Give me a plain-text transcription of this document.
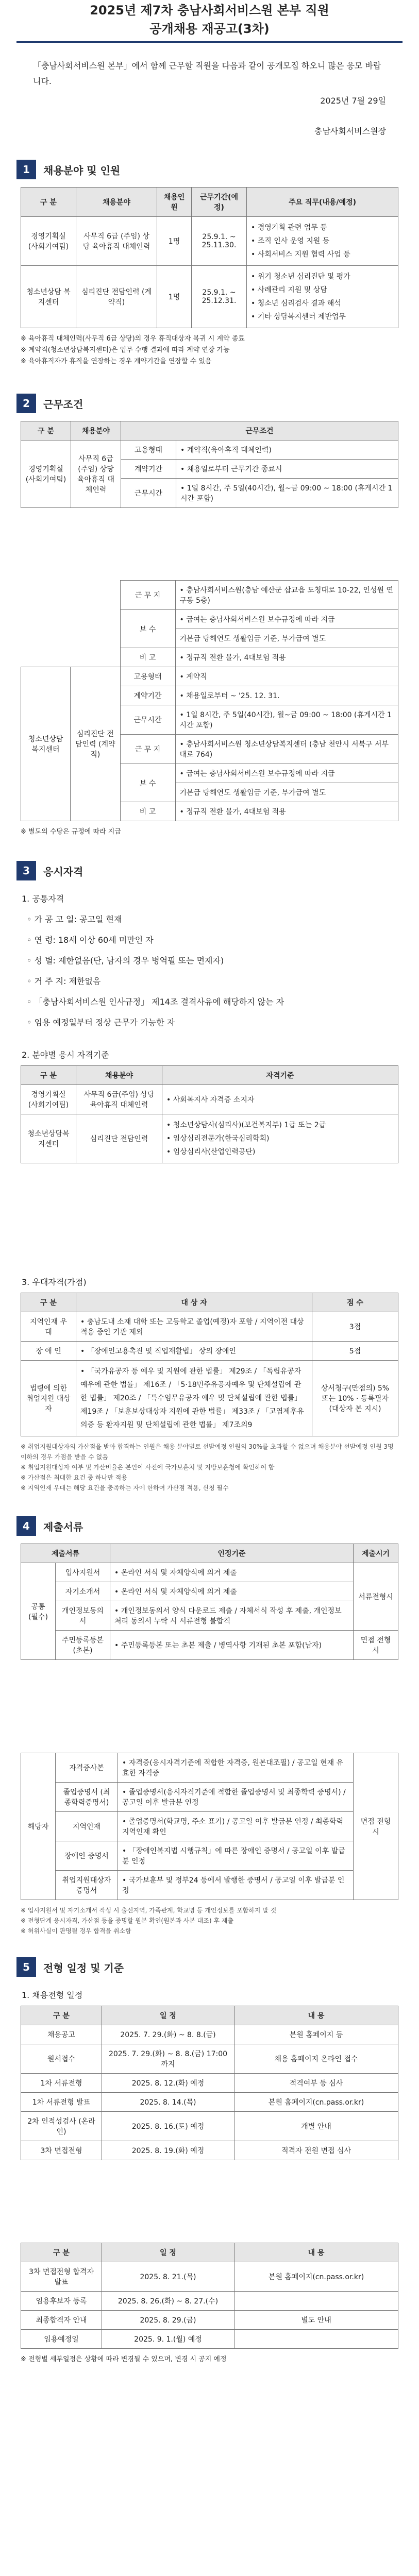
2025년 제7차 충남사회서비스원 본부 직원
공개채용 재공고(3차)
「충남사회서비스원 본부」에서 함께 근무할 직원을 다음과 같이 공개모집 하오니 많은 응모 바랍니다.
2025년 7월 29일
충남사회서비스원장
1	채용분야 및 인원
구 분	채용분야	채용인원	근무기간(예정)	주요 직무(내용/예정)
경영기획실 (사회기여팀)	사무직 6급 (주임) 상당 육아휴직 대체인력	1명	25.9.1. ~ 25.11.30.	• 경영기획 관련 업무 등
• 조직 인사 운영 지원 등
• 사회서비스 지원 협력 사업 등

청소년상담 복지센터	심리진단 전담인력 (계약직)	1명	25.9.1. ~ 25.12.31.	• 위기 청소년 심리진단 및 평가
• 사례관리 지원 및 상담
• 청소년 심리검사 결과 해석
• 기타 상담복지센터 제반업무
※ 육아휴직 대체인력(사무직 6급 상당)의 경우 휴직대상자 복귀 시 계약 종료
※ 계약직(청소년상담복지센터)은 업무 수행 결과에 따라 계약 연장 가능
※ 육아휴직자가 휴직을 연장하는 경우 계약기간을 연장할 수 있음
2	근무조건
구 분	채용분야	근무조건	
경영기획실 (사회기여팀)	사무직 6급(주임) 상당 육아휴직 대체인력	고용형태	• 계약직(육아휴직 대체인력)
		계약기간	• 채용일로부터 근무기간 종료시
		근무시간	• 1일 8시간, 주 5일(40시간), 월~금 09:00 ~ 18:00 (휴게시간 1시간 포함)
		근 무 지	• 충남사회서비스원(충남 예산군 삽교읍 도청대로 10-22, 인성원 연구동 5층)
		보 수	• 급여는 충남사회서비스원 보수규정에 따라 지급
			기본급 당해연도 생활임금 기준, 부가급여 별도
		비 고	• 정규직 전환 불가, 4대보험 적용
청소년상담복지센터	심리진단 전담인력 (계약직)	고용형태	• 계약직
		계약기간	• 채용일로부터 ~ '25. 12. 31.
		근무시간	• 1일 8시간, 주 5일(40시간), 월~금 09:00 ~ 18:00 (휴게시간 1시간 포함)
		근 무 지	• 충남사회서비스원 청소년상담복지센터 (충남 천안시 서북구 서부대로 764)
		보 수	• 급여는 충남사회서비스원 보수규정에 따라 지급
			기본급 당해연도 생활임금 기준, 부가급여 별도
		비 고	• 정규직 전환 불가, 4대보험 적용
※ 별도의 수당은 규정에 따라 지급
3	응시자격
1. 공통자격
◦ 가 공 고 일: 공고일 현재
◦ 연 령: 18세 이상 60세 미만인 자
◦ 성 별: 제한없음(단, 남자의 경우 병역필 또는 면제자)
◦ 거 주 지: 제한없음
◦ 「충남사회서비스원 인사규정」 제14조 결격사유에 해당하지 않는 자
◦ 임용 예정일부터 정상 근무가 가능한 자
2. 분야별 응시 자격기준
구 분	채용분야	자격기준
경영기획실 (사회기여팀)	사무직 6급(주임) 상당 육아휴직 대체인력	• 사회복지사 자격증 소지자
청소년상담복지센터	심리진단 전담인력	• 청소년상담사(심리사)(보건복지부) 1급 또는 2급
• 임상심리전문가(한국심리학회)
• 임상심리사(산업인력공단)
3. 우대자격(가점)
구 분	대 상 자	점 수
지역인재 우 대	• 충남도내 소재 대학 또는 고등학교 졸업(예정)자 포함 / 지역이전 대상 적용 중인 기관 제외	3점
장 애 인	• 「장애인고용촉진 및 직업재활법」 상의 장애인	5점
법령에 의한 취업지원 대상자	• 「국가유공자 등 예우 및 지원에 관한 법률」 제29조 / 「독립유공자예우에 관한 법률」 제16조 / 「5·18민주유공자예우 및 단체설립에 관한 법률」 제20조 / 「특수임무유공자 예우 및 단체설립에 관한 법률」 제19조 / 「보훈보상대상자 지원에 관한 법률」 제33조 / 「고엽제후유의증 등 환자지원 및 단체설립에 관한 법률」 제7조의9	상서청구(만점의) 5% 또는 10% · 등록필자 (대상자 본 지시)
※ 취업지원대상자의 가산점을 받아 합격하는 인원은 채용 분야별로 선발예정 인원의 30%를 초과할 수 없으며 채용분야 선발예정 인원 3명 이하의 경우 가점을 받을 수 없음
※ 취업지원대상자 여부 및 가산비율은 본인이 사전에 국가보훈처 및 지방보훈청에 확인하여 함
※ 가산점은 최대한 요건 중 하나만 적용
※ 지역인재 우대는 해당 요건을 충족하는 자에 한하여 가산점 적용, 신청 필수
4	제출서류
제출서류		인정기준	제출시기
공통 (필수)	입사지원서	• 온라인 서식 및 자체양식에 의거 제출	서류전형시
	자기소개서	• 온라인 서식 및 자체양식에 의거 제출	
	개인정보동의서	• 개인정보동의서 양식 다운로드 제출 / 자체서식 작성 후 제출, 개인정보 처리 동의서 누락 시 서류전형 불합격	
	주민등록등본 (초본)	• 주민등록등본 또는 초본 제출 / 병역사항 기재된 초본 포함(남자)	면접 전형시
해당자	자격증사본	• 자격증(응시자격기준에 적합한 자격증, 원본대조필) / 공고일 현재 유효한 자격증	면접 전형시
	졸업증명서 (최종학력증명서)	• 졸업증명서(응시자격기준에 적합한 졸업증명서 및 최종학력 증명서) / 공고일 이후 발급분 인정	
	지역인재	• 졸업증명서(학교명, 주소 표기) / 공고일 이후 발급분 인정 / 최종학력 지역인재 확인	
	장애인 증명서	• 「장애인복지법 시행규칙」에 따른 장애인 증명서 / 공고일 이후 발급분 인정	
	취업지원대상자 증명서	• 국가보훈부 및 정부24 등에서 발행한 증명서 / 공고일 이후 발급분 인정	
※ 입사지원서 및 자기소개서 작성 시 출신지역, 가족관계, 학교명 등 개인정보를 포함하지 말 것
※ 전형단계 응시자격, 가산점 등을 증명할 원본 확인(원본과 사본 대조) 후 제출
※ 허위사실이 판명될 경우 합격을 취소함
5	전형 일정 및 기준
1. 채용전형 일정
구 분	일 정	내 용
채용공고	2025. 7. 29.(화) ~ 8. 8.(금)	본원 홈페이지 등
원서접수	2025. 7. 29.(화) ~ 8. 8.(금) 17:00까지	채용 홈페이지 온라인 접수
1차 서류전형	2025. 8. 12.(화) 예정	적격여부 등 심사
1차 서류전형 발표	2025. 8. 14.(목)	본원 홈페이지(cn.pass.or.kr)
2차 인적성검사 (온라인)	2025. 8. 16.(토) 예정	개별 안내
3차 면접전형	2025. 8. 19.(화) 예정	적격자 전원 면접 심사
구 분	일 정	내 용
3차 면접전형 합격자 발표	2025. 8. 21.(목)	본원 홈페이지(cn.pass.or.kr)
임용후보자 등록	2025. 8. 26.(화) ~ 8. 27.(수)	
최종합격자 안내	2025. 8. 29.(금)	별도 안내
임용예정일	2025. 9. 1.(월) 예정	
※ 전형별 세부일정은 상황에 따라 변경될 수 있으며, 변경 시 공지 예정
